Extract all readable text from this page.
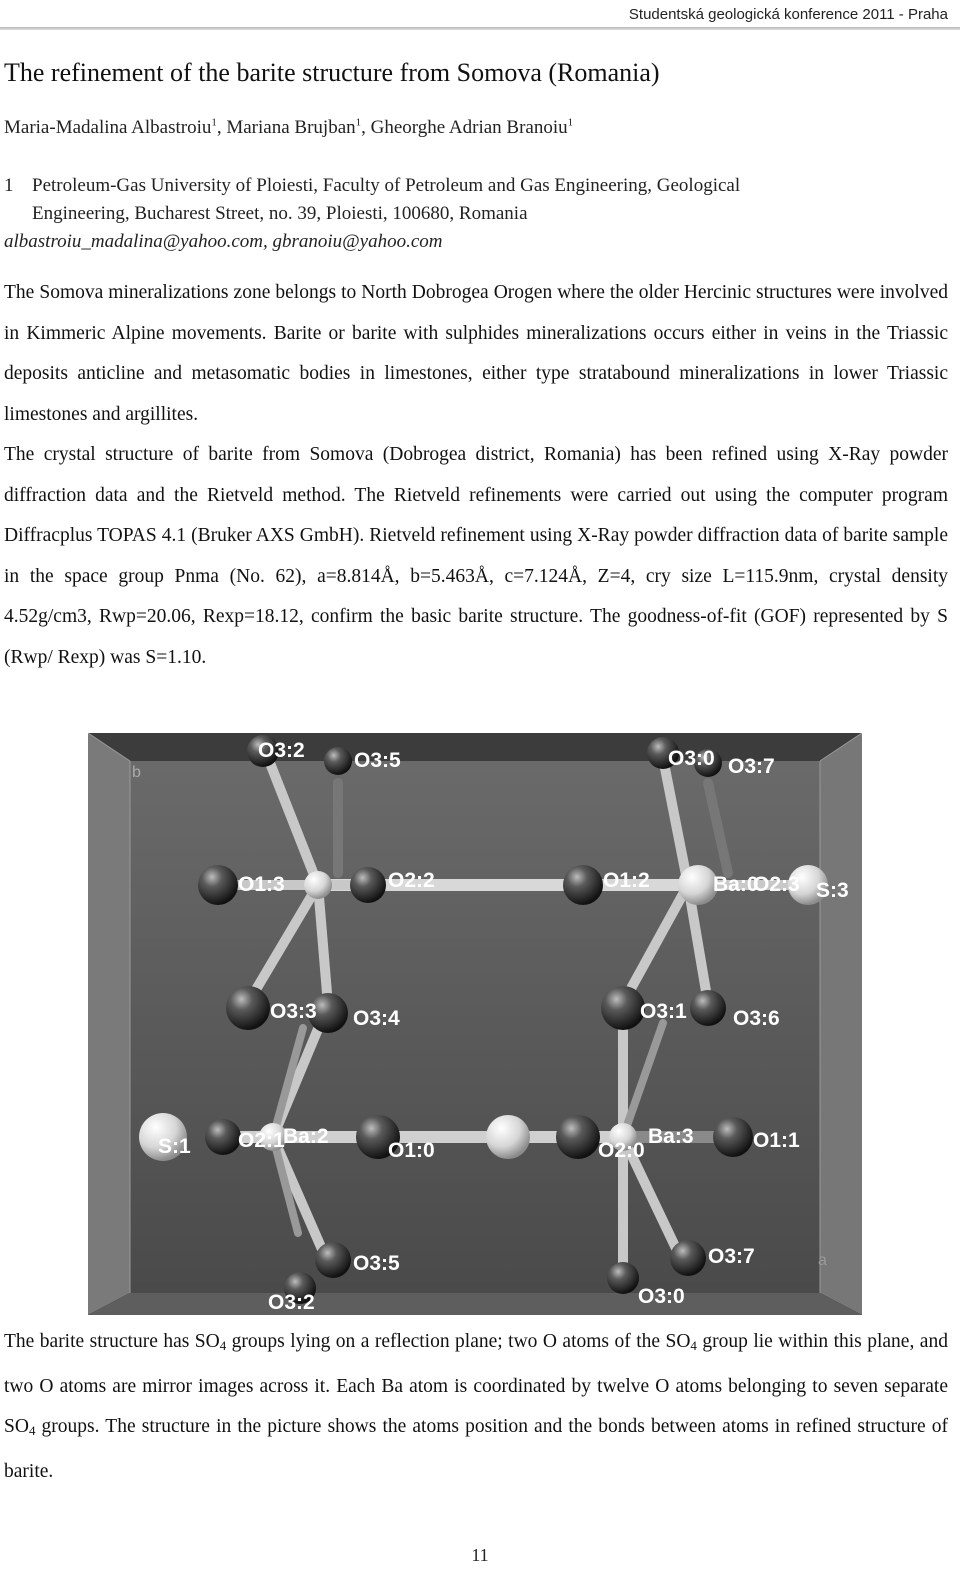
Studentská geologická konference 2011 - Praha
The refinement of the barite structure from Somova (Romania)
Maria-Madalina Albastroiu$^1$, Mariana Brujban$^1$, Gheorghe Adrian Branoiu$^1$
1 Petroleum-Gas University of Ploiesti, Faculty of Petroleum and Gas Engineering, Geological
Engineering, Bucharest Street, no. 39, Ploiesti, 100680, Romania
albastroiu_madalina@yahoo.com, gbranoiu@yahoo.com

The Somova mineralizations zone belongs to North Dobrogea Orogen where the older Hercinic structures were involved in Kimmeric Alpine movements. Barite or barite with sulphides mineralizations occurs either in veins in the Triassic deposits anticline and metasomatic bodies in limestones, either type stratabound mineralizations in lower Triassic limestones and argillites.

The crystal structure of barite from Somova (Dobrogea district, Romania) has been refined using X-Ray powder diffraction data and the Rietveld method. The Rietveld refinements were carried out using the computer program Diffracplus TOPAS 4.1 (Bruker AXS GmbH). Rietveld refinement using X-Ray powder diffraction data of barite sample in the space group Pnma (No. 62), a=8.814Å, b=5.463Å, c=7.124Å, Z=4, cry size L=115.9nm, crystal density 4.52g/cm3, Rwp=20.06, Rexp=18.12, confirm the basic barite structure. The goodness-of-fit (GOF) represented by S (Rwp/ Rexp) was S=1.10.

b
a
O3:2 O3:5	O3:0 O3:7
O1:3	O2:2	O1:2	Ba:0
O2:3 S:3
O3:3 O3:4	O3:1 O3:6
S:1 O2:1
Ba:2
O1:0	O2:0
Ba:3	O1:1
O3:5	O3:7
O3:2	O3:0

The barite structure has $SO_4$ groups lying on a reflection plane; two O atoms of the $SO_4$ group lie within this plane, and two O atoms are mirror images across it. Each Ba atom is coordinated by twelve O atoms belonging to seven separate $SO_4$ groups. The structure in the picture shows the atoms position and the bonds between atoms in refined structure of barite.

11
